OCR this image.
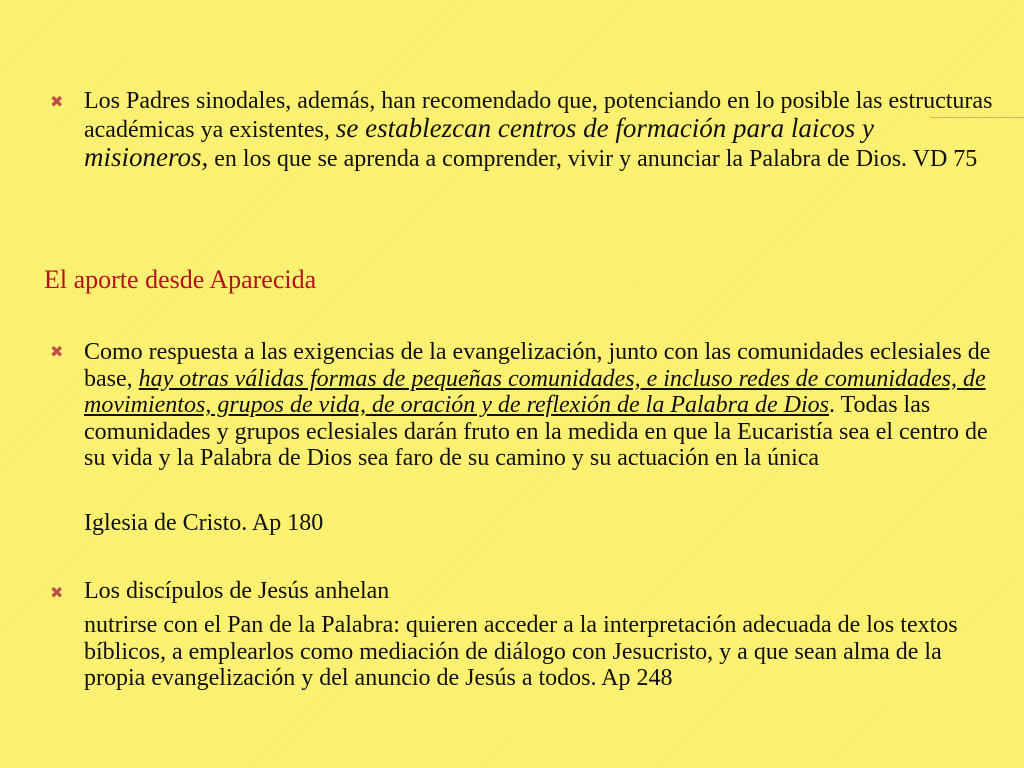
✖ Los Padres sinodales, además, han recomendado que, potenciando en lo posible las estructuras académicas ya existentes, se establezcan centros de formación para laicos y misioneros, en los que se aprenda a comprender, vivir y anunciar la Palabra de Dios. VD 75

El aporte desde Aparecida
✖ Como respuesta a las exigencias de la evangelización, junto con las comunidades eclesiales de base, hay otras válidas formas de pequeñas comunidades, e incluso redes de comunidades, de movimientos, grupos de vida, de oración y de reflexión de la Palabra de Dios. Todas las comunidades y grupos eclesiales darán fruto en la medida en que la Eucaristía sea el centro de su vida y la Palabra de Dios sea faro de su camino y su actuación en la única

Iglesia de Cristo. Ap 180

✖ Los discípulos de Jesús anhelan

nutrirse con el Pan de la Palabra: quieren acceder a la interpretación adecuada de los textos bíblicos, a emplearlos como mediación de diálogo con Jesucristo, y a que sean alma de la propia evangelización y del anuncio de Jesús a todos. Ap 248
